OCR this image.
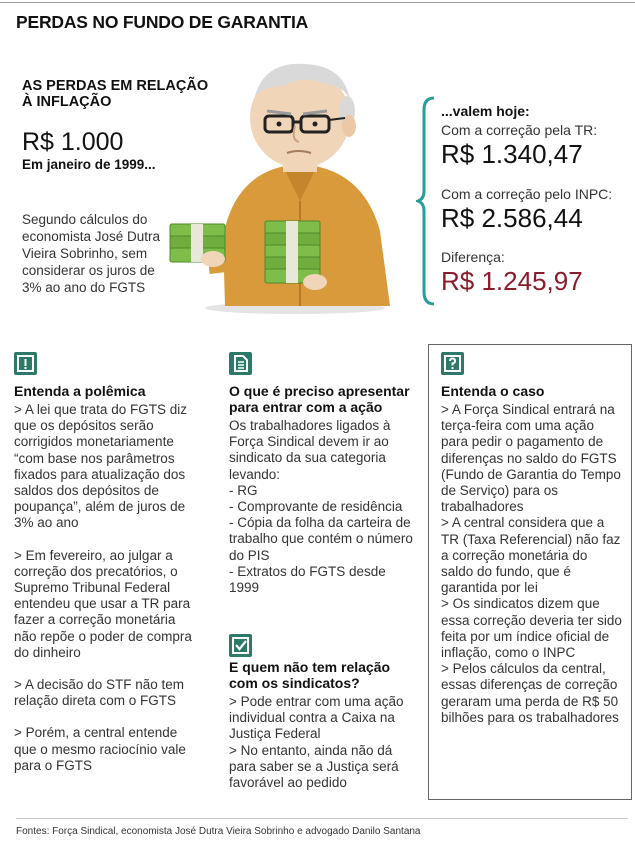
PERDAS NO FUNDO DE GARANTIA
AS PERDAS EM RELAÇÃO
À INFLAÇÃO
R$ 1.000
Em janeiro de 1999...
Segundo cálculos do economista José Dutra Vieira Sobrinho, sem considerar os juros de 3% ao ano do FGTS
...valem hoje:
Com a correção pela TR:
R$ 1.340,47
Com a correção pelo INPC:
R$ 2.586,44
Diferença:
R$ 1.245,97
Entenda a polêmica
> A lei que trata do FGTS diz que os depósitos serão corrigidos monetariamente “com base nos parâmetros fixados para atualização dos saldos dos depósitos de poupança”, além de juros de 3% ao ano
> Em fevereiro, ao julgar a correção dos precatórios, o Supremo Tribunal Federal entendeu que usar a TR para fazer a correção monetária não repõe o poder de compra do dinheiro
> A decisão do STF não tem relação direta com o FGTS
> Porém, a central entende que o mesmo raciocínio vale para o FGTS
O que é preciso apresentar
para entrar com a ação
Os trabalhadores ligados à Força Sindical devem ir ao sindicato da sua categoria levando:
- RG
- Comprovante de residência
- Cópia da folha da carteira de trabalho que contém o número do PIS
- Extratos do FGTS desde 1999
E quem não tem relação
com os sindicatos?
> Pode entrar com uma ação individual contra a Caixa na Justiça Federal
> No entanto, ainda não dá para saber se a Justiça será favorável ao pedido
Entenda o caso
> A Força Sindical entrará na terça-feira com uma ação para pedir o pagamento de diferenças no saldo do FGTS (Fundo de Garantia do Tempo de Serviço) para os trabalhadores
> A central considera que a TR (Taxa Referencial) não faz a correção monetária do saldo do fundo, que é garantida por lei
> Os sindicatos dizem que essa correção deveria ter sido feita por um índice oficial de inflação, como o INPC
> Pelos cálculos da central, essas diferenças de correção geraram uma perda de R$ 50 bilhões para os trabalhadores
Fontes: Força Sindical, economista José Dutra Vieira Sobrinho e advogado Danilo Santana
